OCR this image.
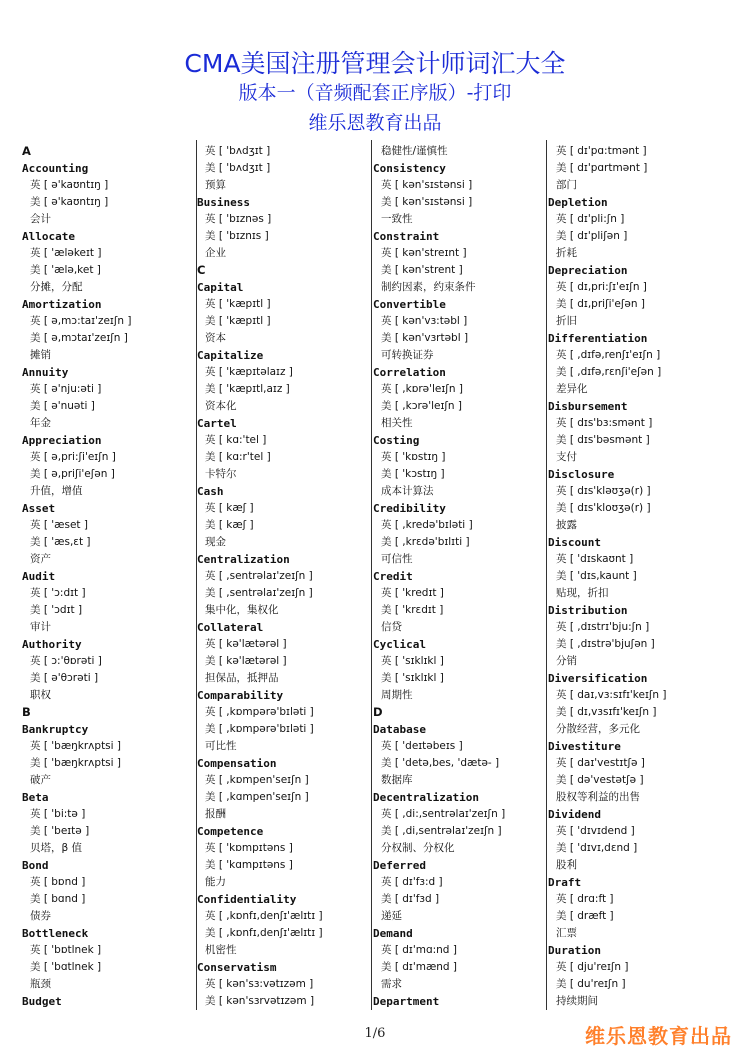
CMA美国注册管理会计师词汇大全
版本一（音频配套正序版）-打印
维乐恩教育出品
A
Accounting
英 [ ə'kaʊntɪŋ ]
美 [ ə'kaʊntɪŋ ]
会计
Allocate
英 [ 'æləkeɪt ]
美 [ 'ælə,ket ]
分摊，分配
Amortization
英 [ ə,mɔ:taɪ'zeɪʃn ]
美 [ ə,mɔtaɪ'zeɪʃn ]
摊销
Annuity
英 [ ə'nju:əti ]
美 [ ə'nuəti ]
年金
Appreciation
英 [ ə,pri:ʃi'eɪʃn ]
美 [ ə,priʃi'eʃən ]
升值，增值
Asset
英 [ 'æset ]
美 [ 'æs,ɛt ]
资产
Audit
英 [ 'ɔ:dɪt ]
美 [ 'ɔdɪt ]
审计
Authority
英 [ ɔ:'θɒrəti ]
美 [ ə'θɔrəti ]
职权
B
Bankruptcy
英 [ 'bæŋkrʌptsi ]
美 [ 'bæŋkrʌptsi ]
破产
Beta
英 [ 'bi:tə ]
美 [ 'beɪtə ]
贝塔，β 值
Bond
英 [ bɒnd ]
美 [ bɑnd ]
债券
Bottleneck
英 [ 'bɒtlnek ]
美 [ 'bɑtlnek ]
瓶颈
Budget
英 [ 'bʌdʒɪt ]
美 [ 'bʌdʒɪt ]
预算
Business
英 [ 'bɪznəs ]
美 [ 'bɪznɪs ]
企业
C
Capital
英 [ 'kæpɪtl ]
美 [ 'kæpɪtl ]
资本
Capitalize
英 [ 'kæpɪtəlaɪz ]
美 [ 'kæpɪtl,aɪz ]
资本化
Cartel
英 [ kɑ:'tel ]
美 [ kɑ:r'tel ]
卡特尔
Cash
英 [ kæʃ ]
美 [ kæʃ ]
现金
Centralization
英 [ ,sentrəlaɪ'zeɪʃn ]
美 [ ,sentrəlaɪ'zeɪʃn ]
集中化，集权化
Collateral
英 [ kə'lætərəl ]
美 [ kə'lætərəl ]
担保品，抵押品
Comparability
英 [ ,kɒmpərə'bɪləti ]
美 [ ,kɒmpərə'bɪləti ]
可比性
Compensation
英 [ ,kɒmpen'seɪʃn ]
美 [ ,kɑmpen'seɪʃn ]
报酬
Competence
英 [ 'kɒmpɪtəns ]
美 [ 'kɑmpɪtəns ]
能力
Confidentiality
英 [ ,kɒnfɪ,denʃɪ'ælɪtɪ ]
美 [ ,kɒnfɪ,denʃɪ'ælɪtɪ ]
机密性
Conservatism
英 [ kən'sɜ:vətɪzəm ]
美 [ kən'sɜrvətɪzəm ]
稳健性/谨慎性
Consistency
英 [ kən'sɪstənsi ]
美 [ kən'sɪstənsi ]
一致性
Constraint
英 [ kən'streɪnt ]
美 [ kən'strent ]
制约因素，约束条件
Convertible
英 [ kən'vɜ:təbl ]
美 [ kən'vɜrtəbl ]
可转换证券
Correlation
英 [ ,kɒrə'leɪʃn ]
美 [ ,kɔrə'leɪʃn ]
相关性
Costing
英 [ 'kɒstɪŋ ]
美 [ 'kɔstɪŋ ]
成本计算法
Credibility
英 [ ,kredə'bɪləti ]
美 [ ,krɛdə'bɪlɪti ]
可信性
Credit
英 [ 'kredɪt ]
美 [ 'krɛdɪt ]
信贷
Cyclical
英 [ 'sɪklɪkl ]
美 [ 'sɪklɪkl ]
周期性
D
Database
英 [ 'deɪtəbeɪs ]
美 [ 'detə,bes, 'dætə- ]
数据库
Decentralization
英 [ ,di:,sentrəlaɪ'zeɪʃn ]
美 [ ,di,sentrəlaɪ'zeɪʃn ]
分权制、分权化
Deferred
英 [ dɪ'fɜ:d ]
美 [ dɪ'fɜd ]
递延
Demand
英 [ dɪ'mɑ:nd ]
美 [ dɪ'mænd ]
需求
Department
英 [ dɪ'pɑ:tmənt ]
美 [ dɪ'pɑrtmənt ]
部门
Depletion
英 [ dɪ'pli:ʃn ]
美 [ dɪ'pliʃən ]
折耗
Depreciation
英 [ dɪ,pri:ʃɪ'eɪʃn ]
美 [ dɪ,priʃi'eʃən ]
折旧
Differentiation
英 [ ,dɪfə,renʃɪ'eɪʃn ]
美 [ ,dɪfə,rɛnʃi'eʃən ]
差异化
Disbursement
英 [ dɪs'bɜ:smənt ]
美 [ dɪs'bəsmənt ]
支付
Disclosure
英 [ dɪs'kləʊʒə(r) ]
美 [ dɪs'kloʊʒə(r) ]
披露
Discount
英 [ 'dɪskaʊnt ]
美 [ 'dɪs,kaunt ]
贴现，折扣
Distribution
英 [ ,dɪstrɪ'bju:ʃn ]
美 [ ,dɪstrə'bjuʃən ]
分销
Diversification
英 [ daɪ,vɜ:sɪfɪ'keɪʃn ]
美 [ dɪ,vɜsɪfɪ'keɪʃn ]
分散经营，多元化
Divestiture
英 [ daɪ'vestɪtʃə ]
美 [ də'vestətʃə ]
股权等利益的出售
Dividend
英 [ 'dɪvɪdend ]
美 [ 'dɪvɪ,dɛnd ]
股利
Draft
英 [ drɑ:ft ]
美 [ dræft ]
汇票
Duration
英 [ dju'reɪʃn ]
美 [ du'reɪʃn ]
持续期间
1/6	维乐恩教育出品
